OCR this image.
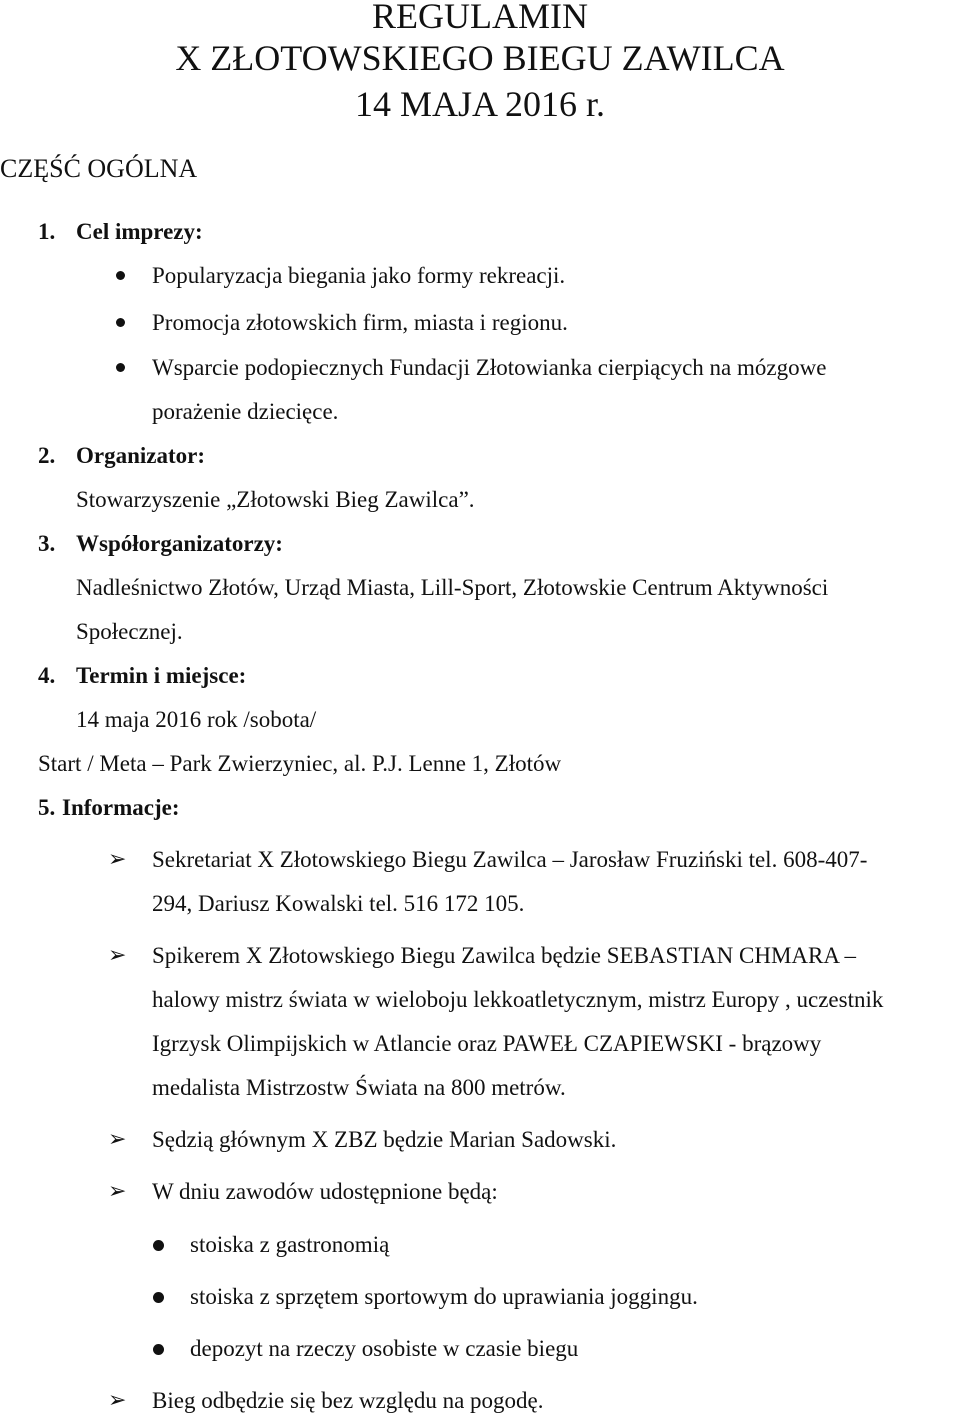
REGULAMIN
X ZŁOTOWSKIEGO BIEGU ZAWILCA
14 MAJA 2016 r.
CZĘŚĆ OGÓLNA
1. Cel imprezy:
Popularyzacja biegania jako formy rekreacji.
Promocja złotowskich firm, miasta i regionu.
Wsparcie podopiecznych Fundacji Złotowianka cierpiących na mózgowe
porażenie dziecięce.
2. Organizator:
Stowarzyszenie „Złotowski Bieg Zawilca”.
3. Współorganizatorzy:
Nadleśnictwo Złotów, Urząd Miasta, Lill-Sport, Złotowskie Centrum Aktywności
Społecznej.
4. Termin i miejsce:
14 maja 2016 rok /sobota/
Start / Meta – Park Zwierzyniec, al. P.J. Lenne 1, Złotów
5. Informacje:
➢ Sekretariat X Złotowskiego Biegu Zawilca – Jarosław Fruziński tel. 608-407-
294, Dariusz Kowalski tel. 516 172 105.
➢ Spikerem X Złotowskiego Biegu Zawilca będzie SEBASTIAN CHMARA –
halowy mistrz świata w wieloboju lekkoatletycznym, mistrz Europy , uczestnik
Igrzysk Olimpijskich w Atlancie oraz PAWEŁ CZAPIEWSKI - brązowy
medalista Mistrzostw Świata na 800 metrów.
➢ Sędzią głównym X ZBZ będzie Marian Sadowski.
➢ W dniu zawodów udostępnione będą:
stoiska z gastronomią
stoiska z sprzętem sportowym do uprawiania joggingu.
depozyt na rzeczy osobiste w czasie biegu
➢ Bieg odbędzie się bez względu na pogodę.
